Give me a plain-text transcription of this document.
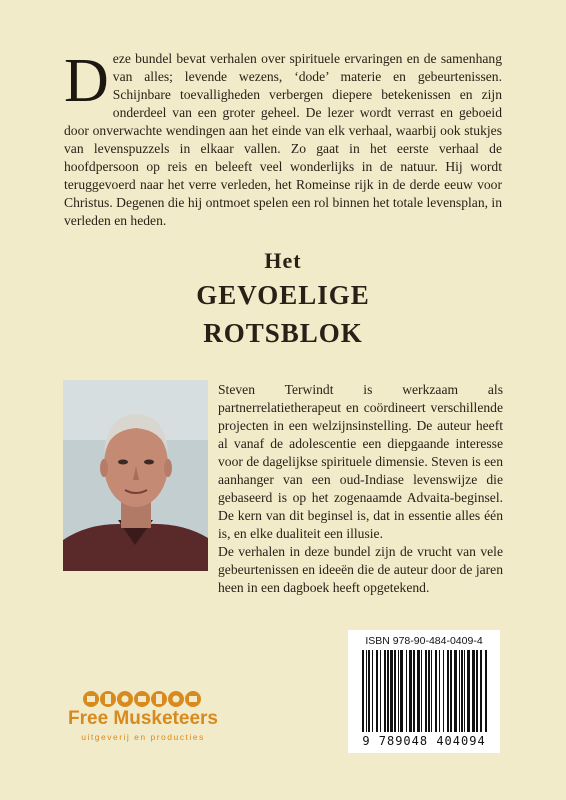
Deze bundel bevat verhalen over spirituele ervaringen en de samenhang van alles; levende wezens, ‘dode’ materie en gebeurtenissen. Schijnbare toevalligheden verbergen diepere betekenissen en zijn onderdeel van een groter geheel. De lezer wordt verrast en geboeid door onverwachte wendingen aan het einde van elk verhaal, waarbij ook stukjes van levenspuzzels in elkaar vallen. Zo gaat in het eerste verhaal de hoofdpersoon op reis en beleeft veel wonderlijks in de natuur. Hij wordt teruggevoerd naar het verre verleden, het Romeinse rijk in de derde eeuw voor Christus. Degenen die hij ontmoet spelen een rol binnen het totale levensplan, in verleden en heden.
Het
GEVOELIGE
ROTSBLOK

Steven Terwindt is werkzaam als partnerrelatietherapeut en coördineert verschillende projecten in een welzijnsinstelling. De auteur heeft al vanaf de adolescentie een diepgaande interesse voor de dagelijkse spirituele dimensie. Steven is een aanhanger van een oud-Indiase levenswijze die gebaseerd is op het zogenaamde Advaita-beginsel. De kern van dit beginsel is, dat in essentie alles één is, en elke dualiteit een illusie.

De verhalen in deze bundel zijn de vrucht van vele gebeurtenissen en ideeën die de auteur door de jaren heen in een dagboek heeft opgetekend.

Free Musketeers
uitgeverij en producties
ISBN 978-90-484-0409-4
9 789048 404094
